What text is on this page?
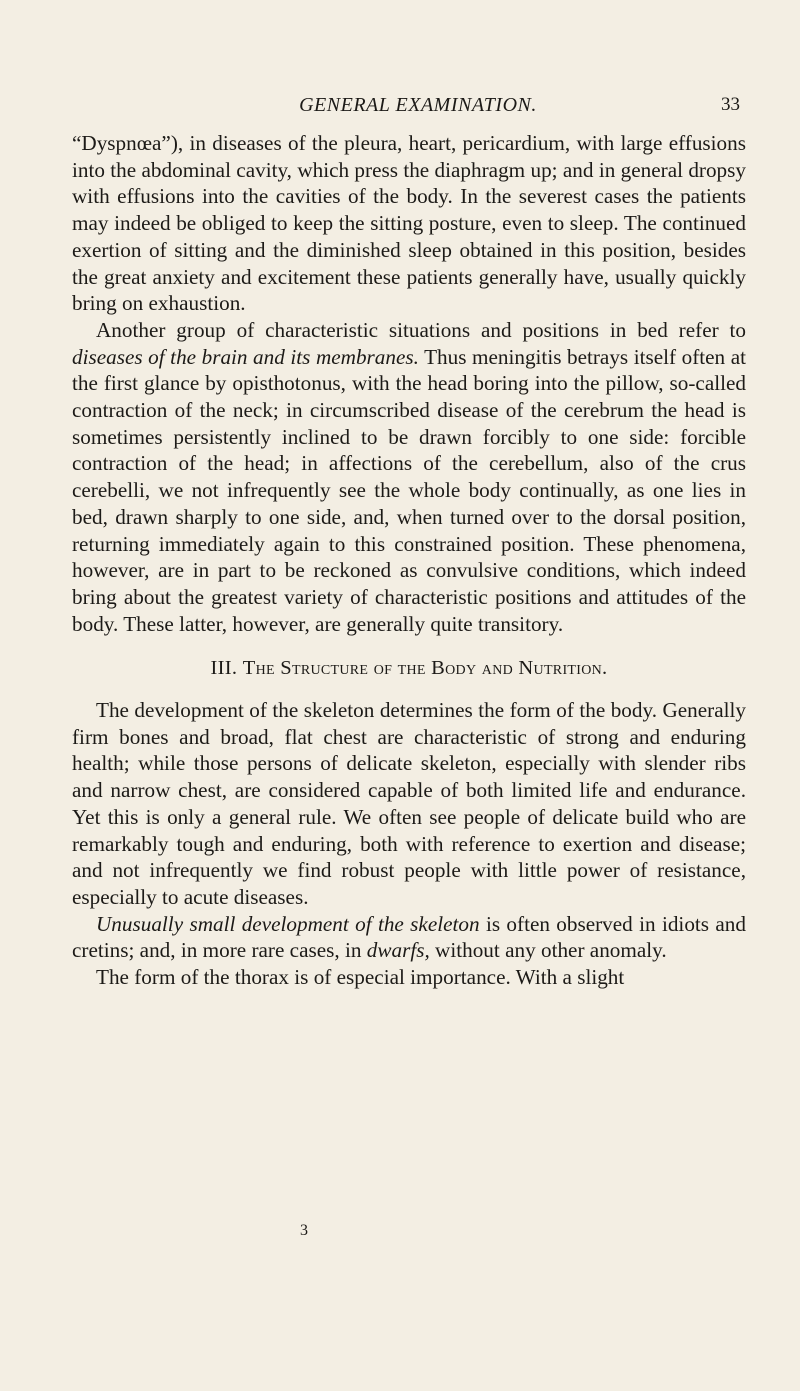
GENERAL EXAMINATION.	33

“Dyspnœa”), in diseases of the pleura, heart, pericardium, with large effusions into the abdominal cavity, which press the diaphragm up; and in general dropsy with effusions into the cavities of the body. In the severest cases the patients may indeed be obliged to keep the sitting posture, even to sleep. The continued exertion of sitting and the diminished sleep obtained in this position, besides the great anxiety and excitement these patients generally have, usually quickly bring on exhaustion.

Another group of characteristic situations and positions in bed refer to diseases of the brain and its membranes. Thus meningitis betrays itself often at the first glance by opisthotonus, with the head boring into the pillow, so-called contraction of the neck; in circumscribed disease of the cerebrum the head is sometimes persistently inclined to be drawn forcibly to one side: forcible contraction of the head; in affections of the cerebellum, also of the crus cerebelli, we not infrequently see the whole body continually, as one lies in bed, drawn sharply to one side, and, when turned over to the dorsal position, returning immediately again to this constrained position. These phenomena, however, are in part to be reckoned as convulsive conditions, which indeed bring about the greatest variety of characteristic positions and attitudes of the body. These latter, however, are generally quite transitory.

III. The Structure of the Body and Nutrition.

The development of the skeleton determines the form of the body. Generally firm bones and broad, flat chest are characteristic of strong and enduring health; while those persons of delicate skeleton, especially with slender ribs and narrow chest, are considered capable of both limited life and endurance. Yet this is only a general rule. We often see people of delicate build who are remarkably tough and enduring, both with reference to exertion and disease; and not infrequently we find robust people with little power of resistance, especially to acute diseases.

Unusually small development of the skeleton is often observed in idiots and cretins; and, in more rare cases, in dwarfs, without any other anomaly.

The form of the thorax is of especial importance. With a slight

3
